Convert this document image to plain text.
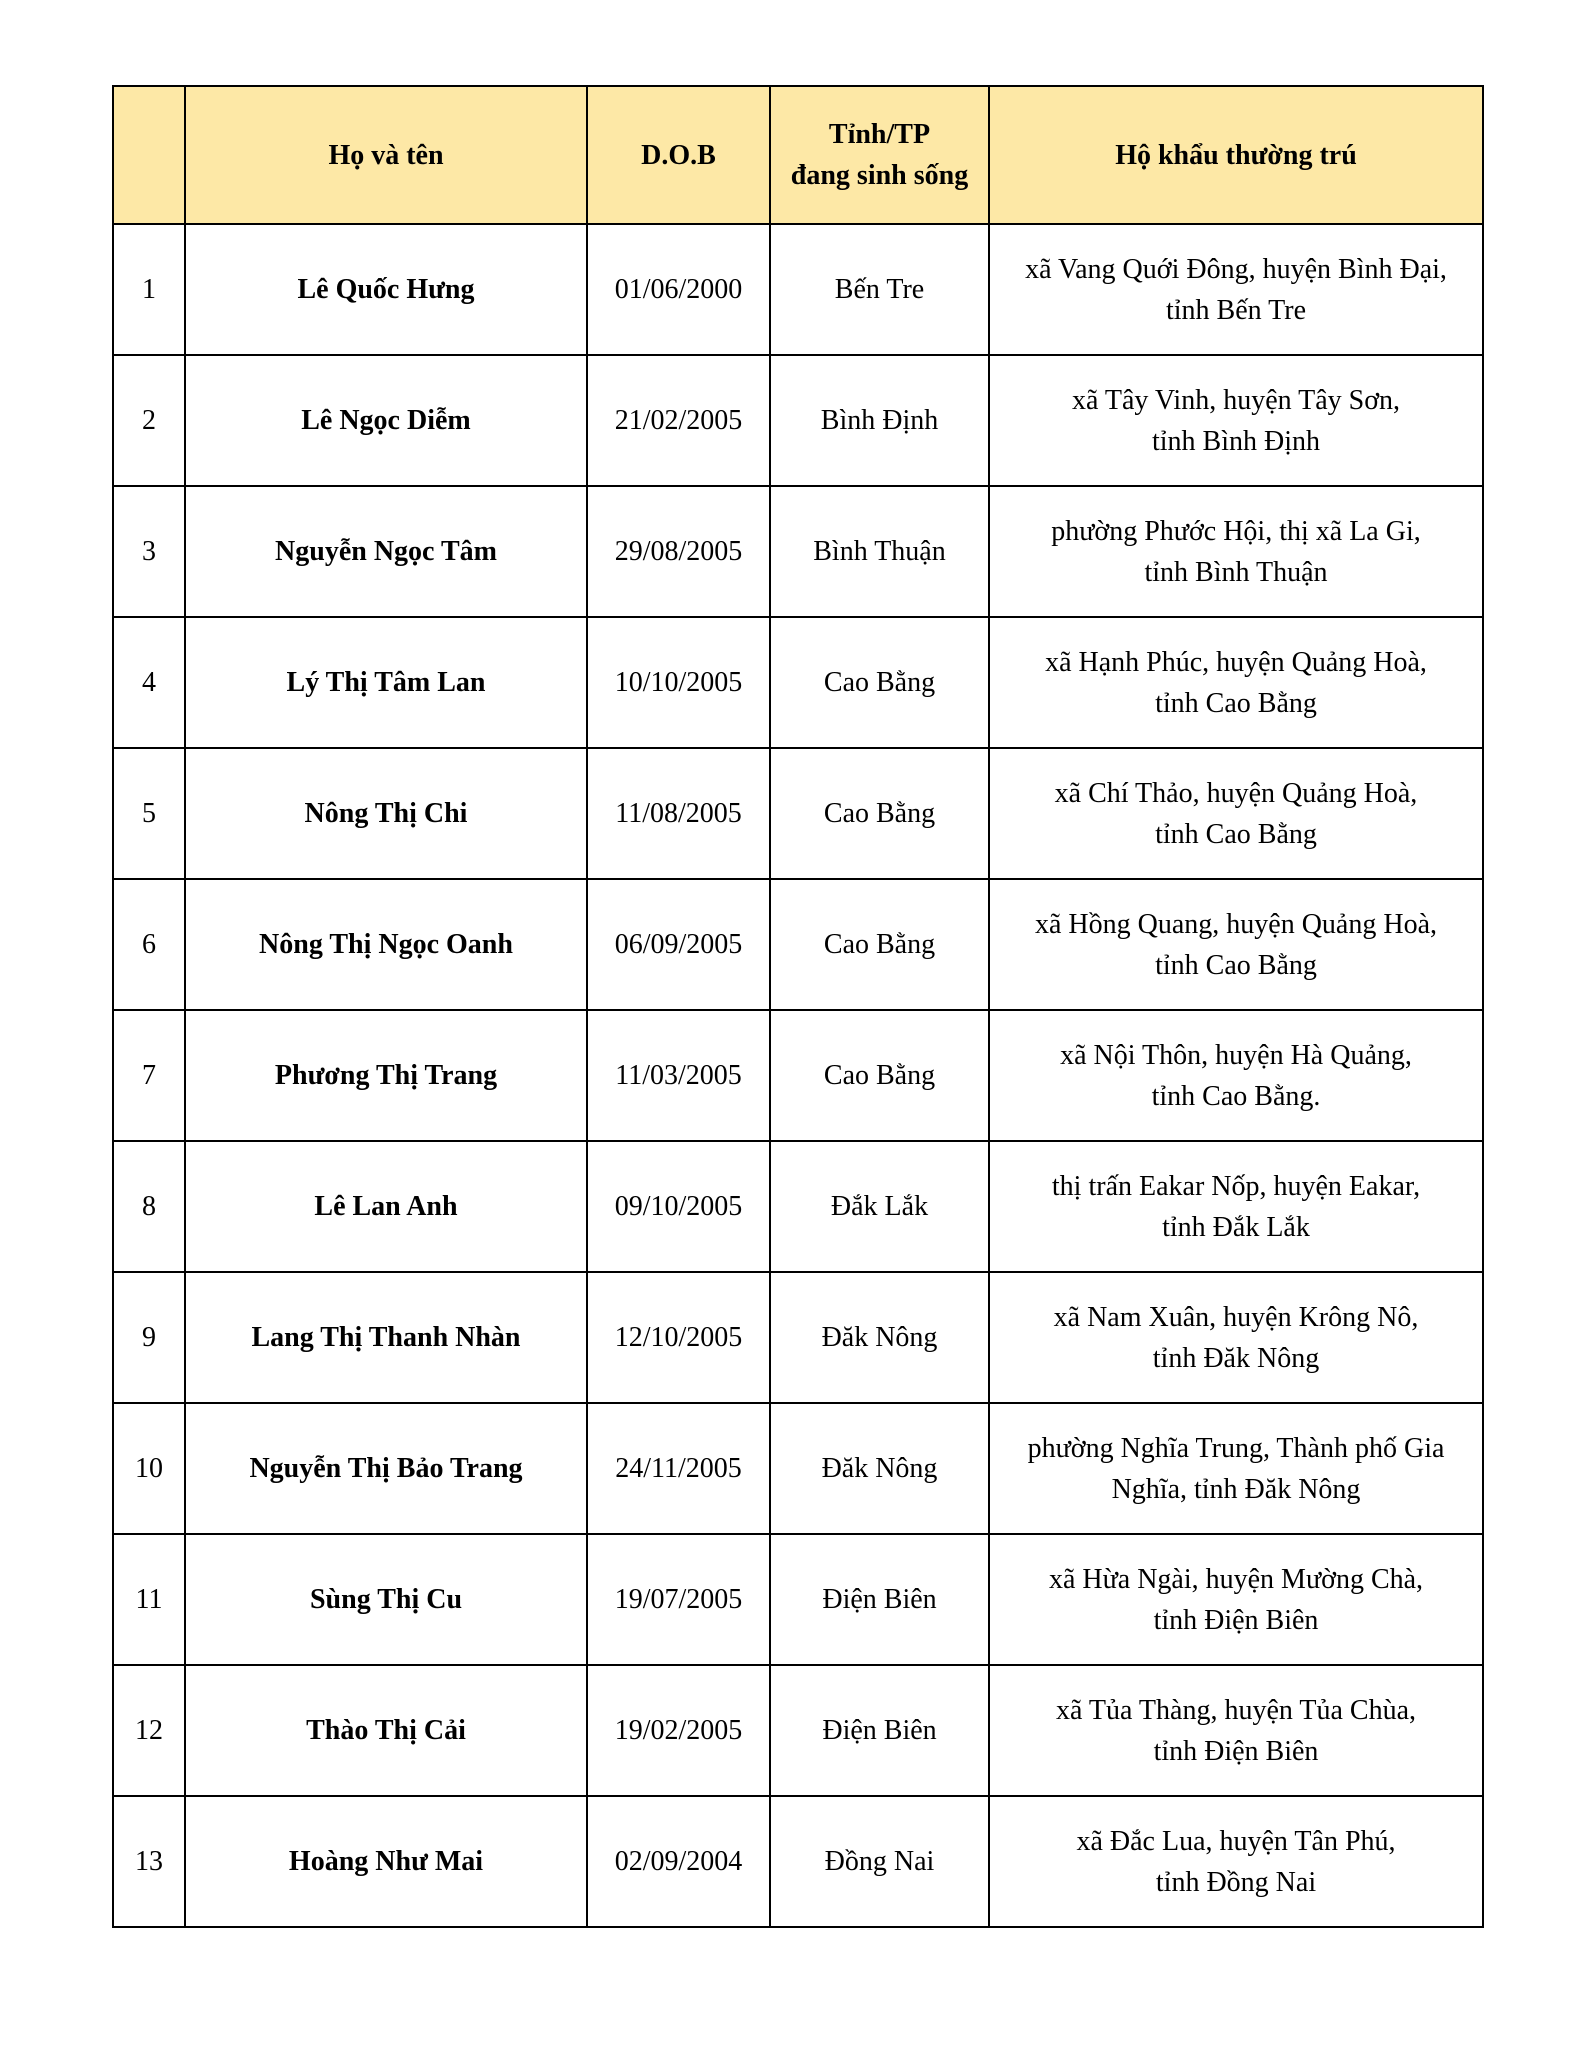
	Họ và tên	D.O.B	Tỉnh/TP
đang sinh sống	Hộ khẩu thường trú
1	Lê Quốc Hưng	01/06/2000	Bến Tre	xã Vang Quới Đông, huyện Bình Đại,
tỉnh Bến Tre
2	Lê Ngọc Diễm	21/02/2005	Bình Định	xã Tây Vinh, huyện Tây Sơn,
tỉnh Bình Định
3	Nguyễn Ngọc Tâm	29/08/2005	Bình Thuận	phường Phước Hội, thị xã La Gi,
tỉnh Bình Thuận
4	Lý Thị Tâm Lan	10/10/2005	Cao Bằng	xã Hạnh Phúc, huyện Quảng Hoà,
tỉnh Cao Bằng
5	Nông Thị Chi	11/08/2005	Cao Bằng	xã Chí Thảo, huyện Quảng Hoà,
tỉnh Cao Bằng
6	Nông Thị Ngọc Oanh	06/09/2005	Cao Bằng	xã Hồng Quang, huyện Quảng Hoà,
tỉnh Cao Bằng
7	Phương Thị Trang	11/03/2005	Cao Bằng	xã Nội Thôn, huyện Hà Quảng,
tỉnh Cao Bằng.
8	Lê Lan Anh	09/10/2005	Đắk Lắk	thị trấn Eakar Nốp, huyện Eakar,
tỉnh Đắk Lắk
9	Lang Thị Thanh Nhàn	12/10/2005	Đăk Nông	xã Nam Xuân, huyện Krông Nô,
tỉnh Đăk Nông
10	Nguyễn Thị Bảo Trang	24/11/2005	Đăk Nông	phường Nghĩa Trung, Thành phố Gia
Nghĩa, tỉnh Đăk Nông
11	Sùng Thị Cu	19/07/2005	Điện Biên	xã Hừa Ngài, huyện Mường Chà,
tỉnh Điện Biên
12	Thào Thị Cải	19/02/2005	Điện Biên	xã Tủa Thàng, huyện Tủa Chùa,
tỉnh Điện Biên
13	Hoàng Như Mai	02/09/2004	Đồng Nai	xã Đắc Lua, huyện Tân Phú,
tỉnh Đồng Nai
